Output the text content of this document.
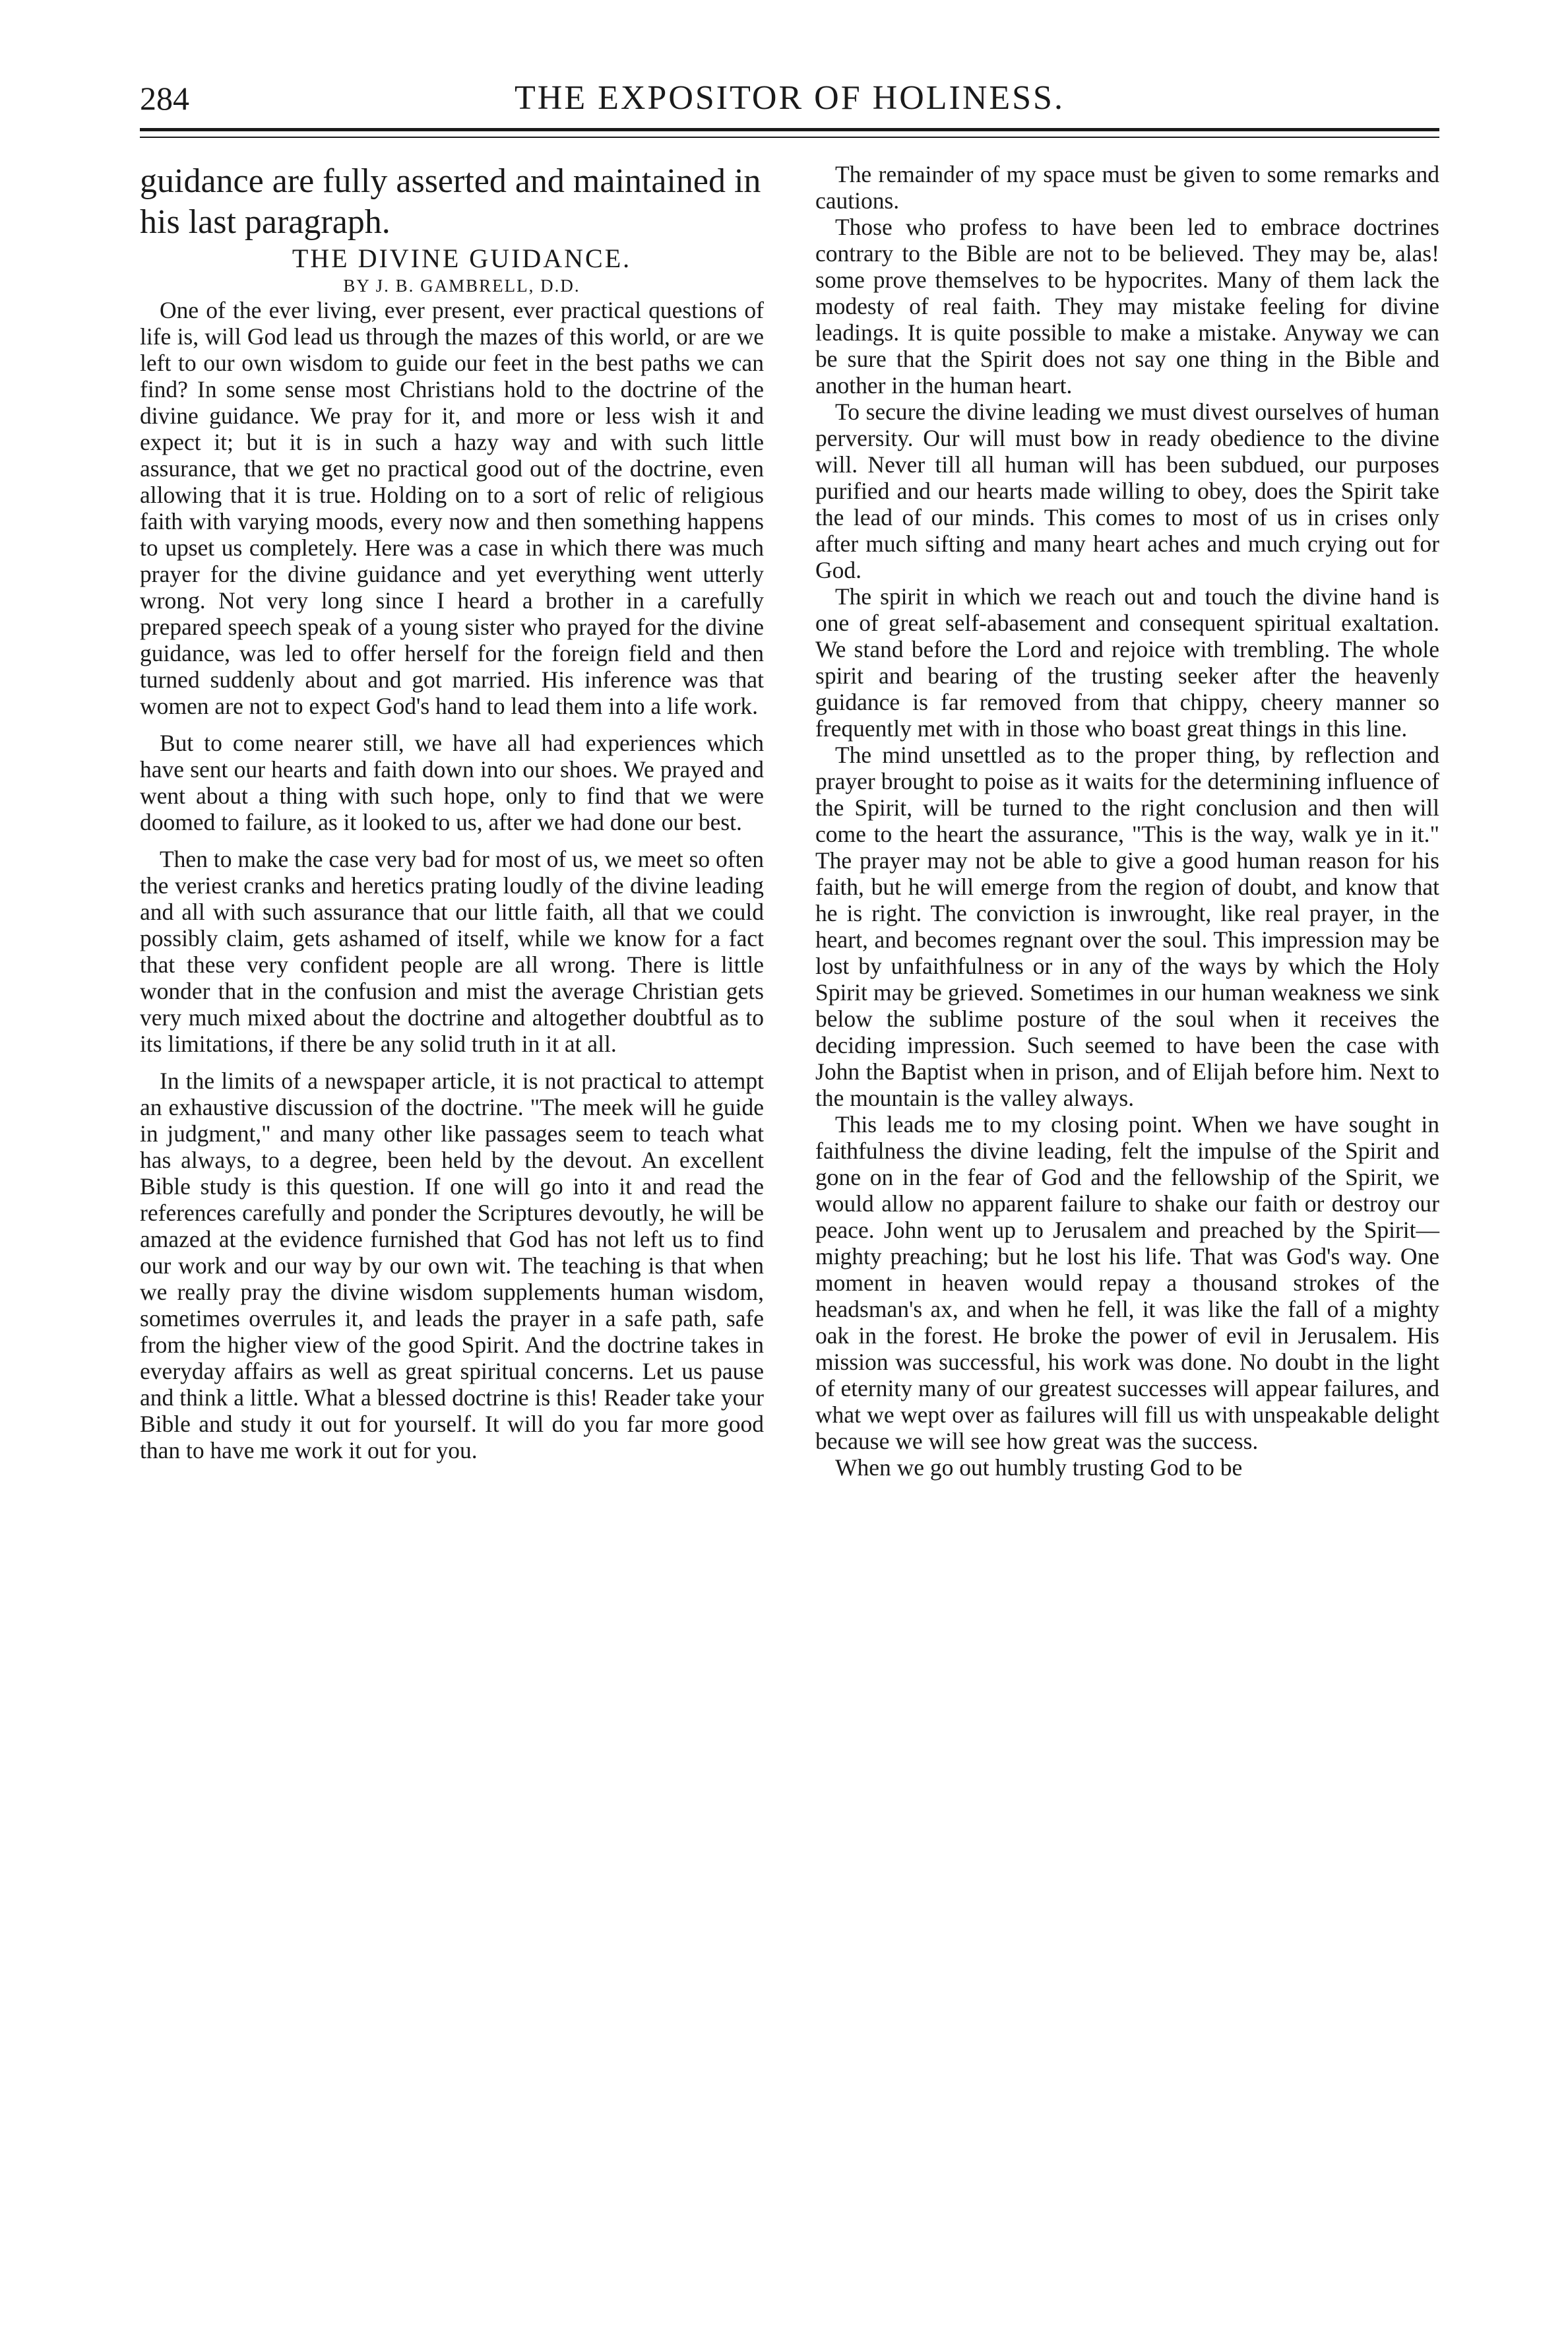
284	THE EXPOSITOR OF HOLINESS.

guidance are fully asserted and maintained in his last paragraph.

THE DIVINE GUIDANCE.

BY J. B. GAMBRELL, D.D.

One of the ever living, ever present, ever practical questions of life is, will God lead us through the mazes of this world, or are we left to our own wisdom to guide our feet in the best paths we can find? In some sense most Christians hold to the doctrine of the divine guidance. We pray for it, and more or less wish it and expect it; but it is in such a hazy way and with such little assurance, that we get no practical good out of the doctrine, even allowing that it is true. Holding on to a sort of relic of religious faith with varying moods, every now and then something happens to upset us completely. Here was a case in which there was much prayer for the divine guidance and yet everything went utterly wrong. Not very long since I heard a brother in a carefully prepared speech speak of a young sister who prayed for the divine guidance, was led to offer herself for the foreign field and then turned suddenly about and got married. His inference was that women are not to expect God's hand to lead them into a life work.

But to come nearer still, we have all had experiences which have sent our hearts and faith down into our shoes. We prayed and went about a thing with such hope, only to find that we were doomed to failure, as it looked to us, after we had done our best.

Then to make the case very bad for most of us, we meet so often the veriest cranks and heretics prating loudly of the divine leading and all with such assurance that our little faith, all that we could possibly claim, gets ashamed of itself, while we know for a fact that these very confident people are all wrong. There is little wonder that in the confusion and mist the average Christian gets very much mixed about the doctrine and altogether doubtful as to its limitations, if there be any solid truth in it at all.

In the limits of a newspaper article, it is not practical to attempt an exhaustive discussion of the doctrine. "The meek will he guide in judgment," and many other like passages seem to teach what has always, to a degree, been held by the devout. An excellent Bible study is this question. If one will go into it and read the references carefully and ponder the Scriptures devoutly, he will be amazed at the evidence furnished that God has not left us to find our work and our way by our own wit. The teaching is that when we really pray the divine wisdom supplements human wisdom, sometimes overrules it, and leads the prayer in a safe path, safe from the higher view of the good Spirit. And the doctrine takes in everyday affairs as well as great spiritual concerns. Let us pause and think a little. What a blessed doctrine is this! Reader take your Bible and study it out for yourself. It will do you far more good than to have me work it out for you.

The remainder of my space must be given to some remarks and cautions.

Those who profess to have been led to embrace doctrines contrary to the Bible are not to be believed. They may be, alas! some prove themselves to be hypocrites. Many of them lack the modesty of real faith. They may mistake feeling for divine leadings. It is quite possible to make a mistake. Anyway we can be sure that the Spirit does not say one thing in the Bible and another in the human heart.

To secure the divine leading we must divest ourselves of human perversity. Our will must bow in ready obedience to the divine will. Never till all human will has been subdued, our purposes purified and our hearts made willing to obey, does the Spirit take the lead of our minds. This comes to most of us in crises only after much sifting and many heart aches and much crying out for God.

The spirit in which we reach out and touch the divine hand is one of great self-abasement and consequent spiritual exaltation. We stand before the Lord and rejoice with trembling. The whole spirit and bearing of the trusting seeker after the heavenly guidance is far removed from that chippy, cheery manner so frequently met with in those who boast great things in this line.

The mind unsettled as to the proper thing, by reflection and prayer brought to poise as it waits for the determining influence of the Spirit, will be turned to the right conclusion and then will come to the heart the assurance, "This is the way, walk ye in it." The prayer may not be able to give a good human reason for his faith, but he will emerge from the region of doubt, and know that he is right. The conviction is inwrought, like real prayer, in the heart, and becomes regnant over the soul. This impression may be lost by unfaithfulness or in any of the ways by which the Holy Spirit may be grieved. Sometimes in our human weakness we sink below the sublime posture of the soul when it receives the deciding impression. Such seemed to have been the case with John the Baptist when in prison, and of Elijah before him. Next to the mountain is the valley always.

This leads me to my closing point. When we have sought in faithfulness the divine leading, felt the impulse of the Spirit and gone on in the fear of God and the fellowship of the Spirit, we would allow no apparent failure to shake our faith or destroy our peace. John went up to Jerusalem and preached by the Spirit—mighty preaching; but he lost his life. That was God's way. One moment in heaven would repay a thousand strokes of the headsman's ax, and when he fell, it was like the fall of a mighty oak in the forest. He broke the power of evil in Jerusalem. His mission was successful, his work was done. No doubt in the light of eternity many of our greatest successes will appear failures, and what we wept over as failures will fill us with unspeakable delight because we will see how great was the success.

When we go out humbly trusting God to be
